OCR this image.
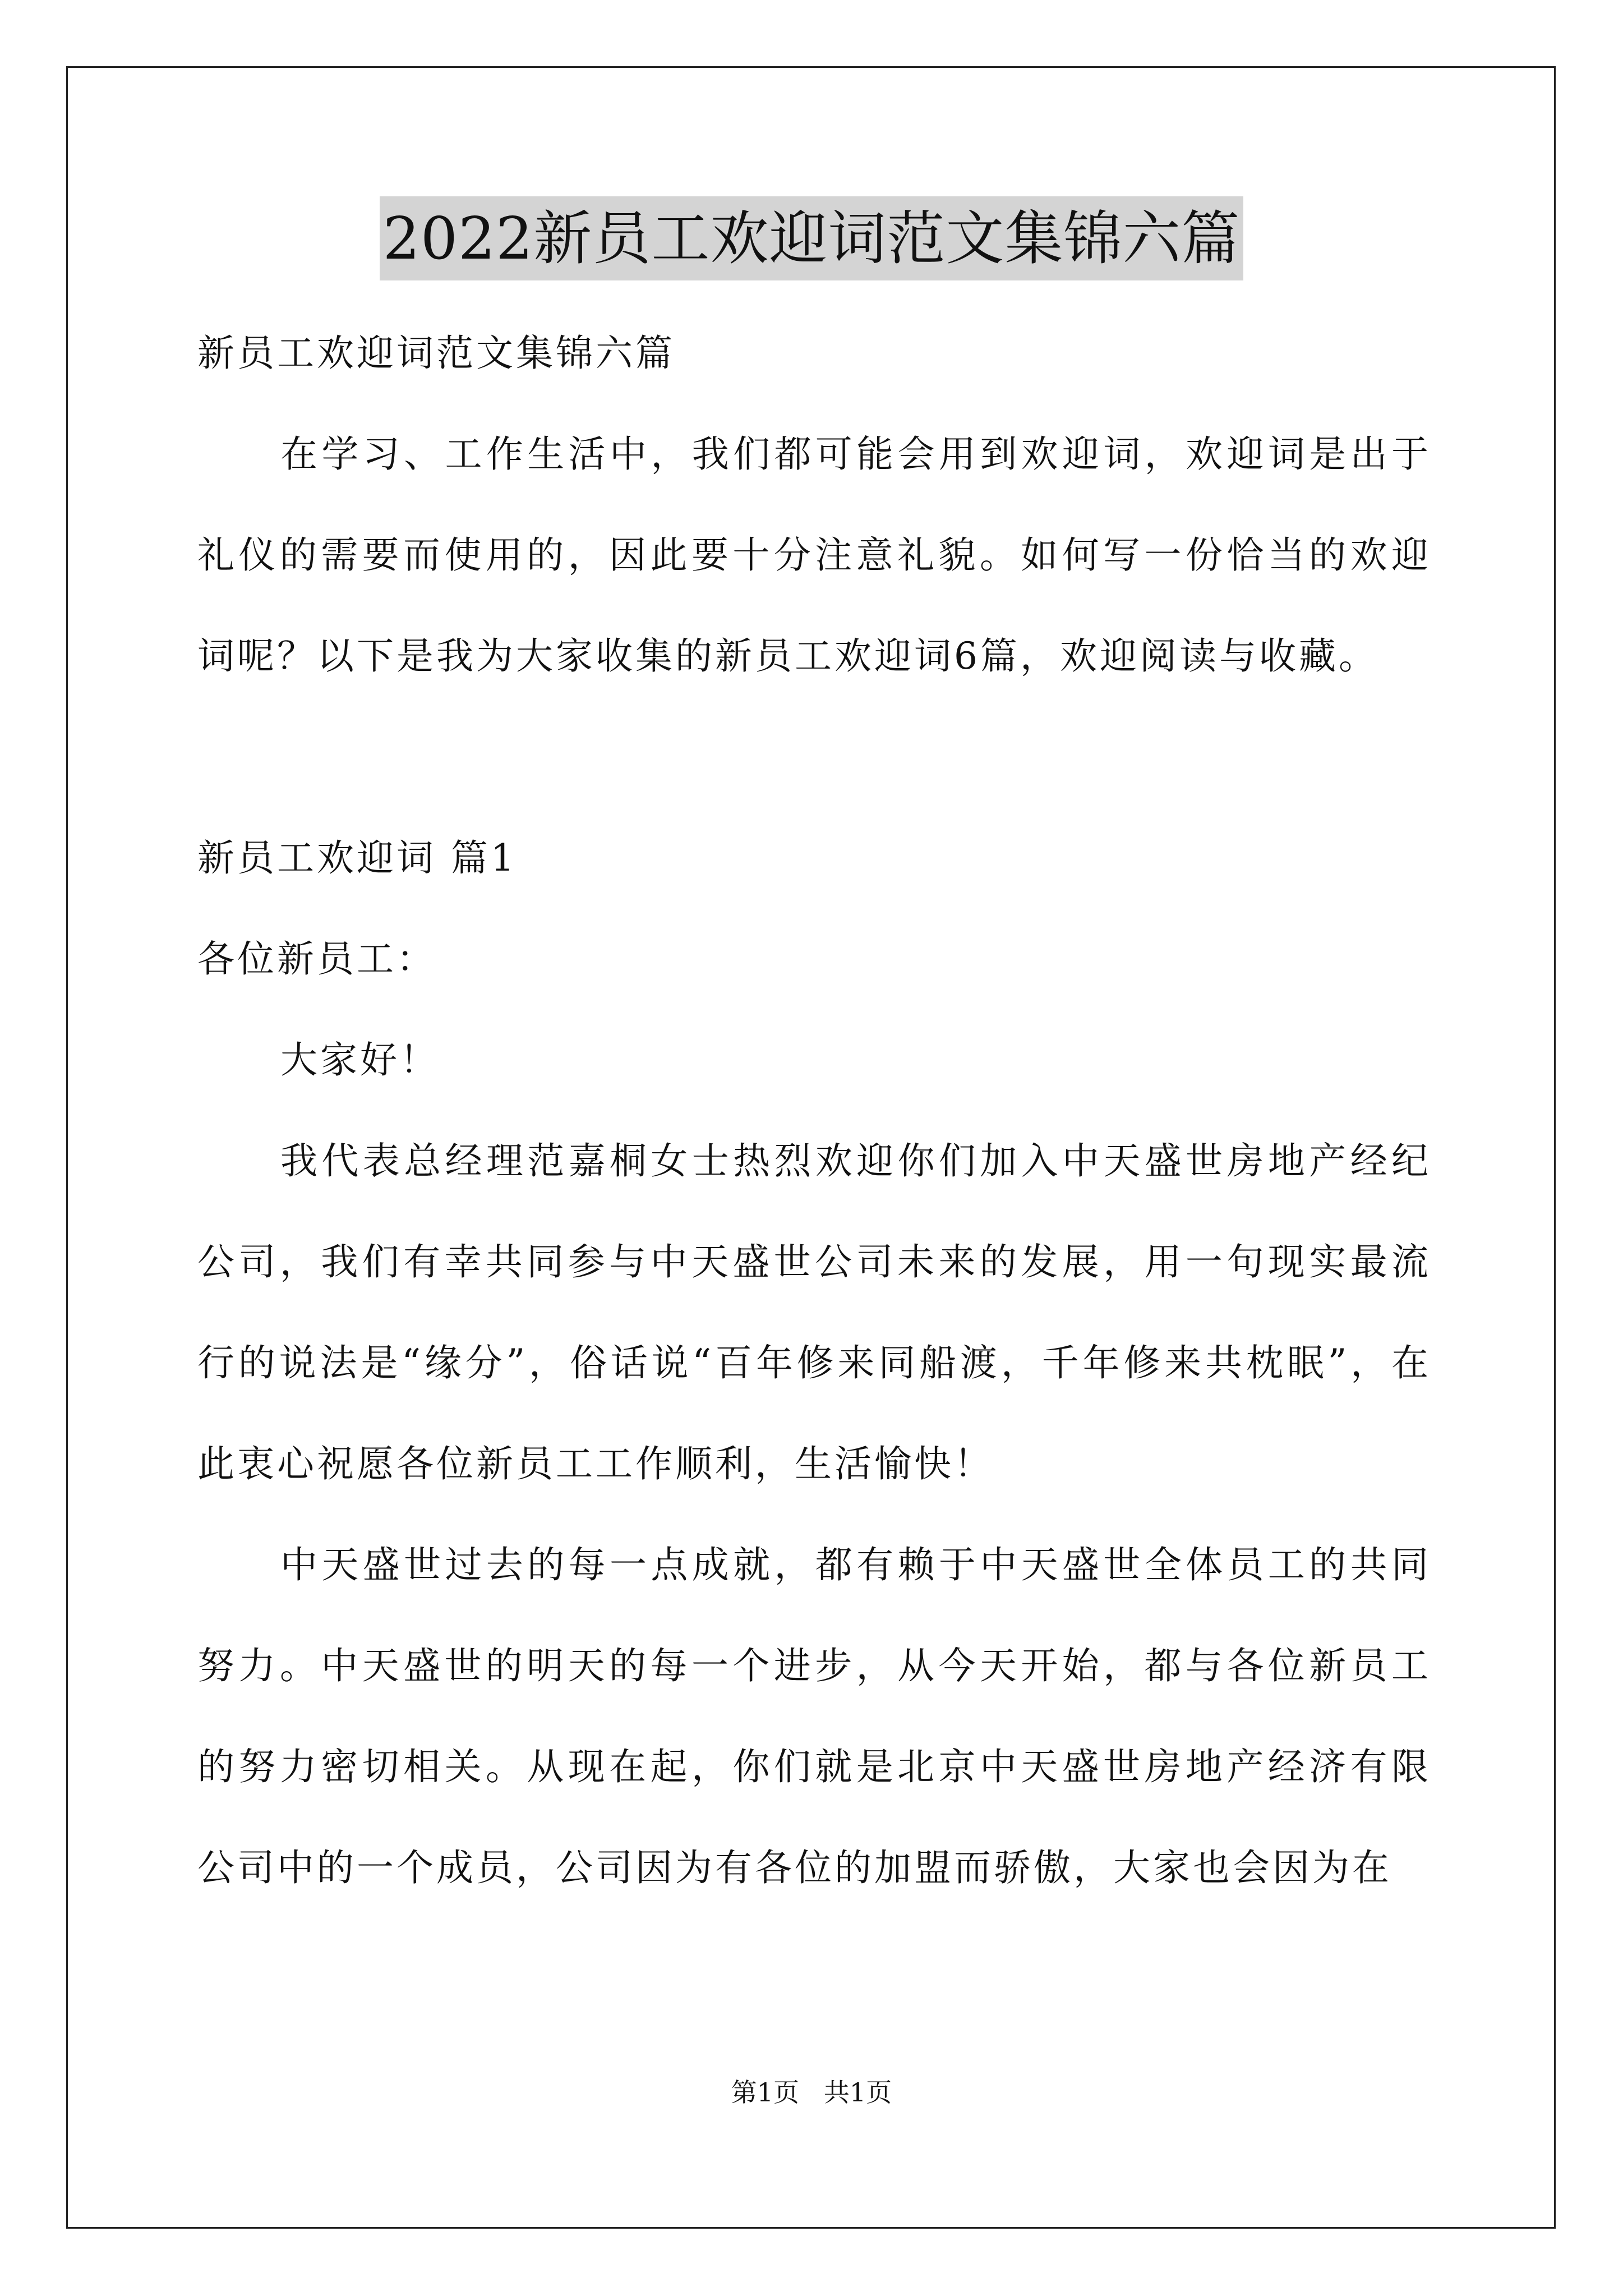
2022新员工欢迎词范文集锦六篇

新员工欢迎词范文集锦六篇

在学习、工作生活中，我们都可能会用到欢迎词，欢迎词是出于礼仪的需要而使用的，因此要十分注意礼貌。如何写一份恰当的欢迎词呢？以下是我为大家收集的新员工欢迎词6篇，欢迎阅读与收藏。

新员工欢迎词 篇1

各位新员工：

大家好！

我代表总经理范嘉桐女士热烈欢迎你们加入中天盛世房地产经纪公司，我们有幸共同参与中天盛世公司未来的发展，用一句现实最流行的说法是“缘分”，俗话说“百年修来同船渡，千年修来共枕眠”，在此衷心祝愿各位新员工工作顺利，生活愉快！

中天盛世过去的每一点成就，都有赖于中天盛世全体员工的共同努力。中天盛世的明天的每一个进步，从今天开始，都与各位新员工的努力密切相关。从现在起，你们就是北京中天盛世房地产经济有限公司中的一个成员，公司因为有各位的加盟而骄傲，大家也会因为在

第1页   共1页
